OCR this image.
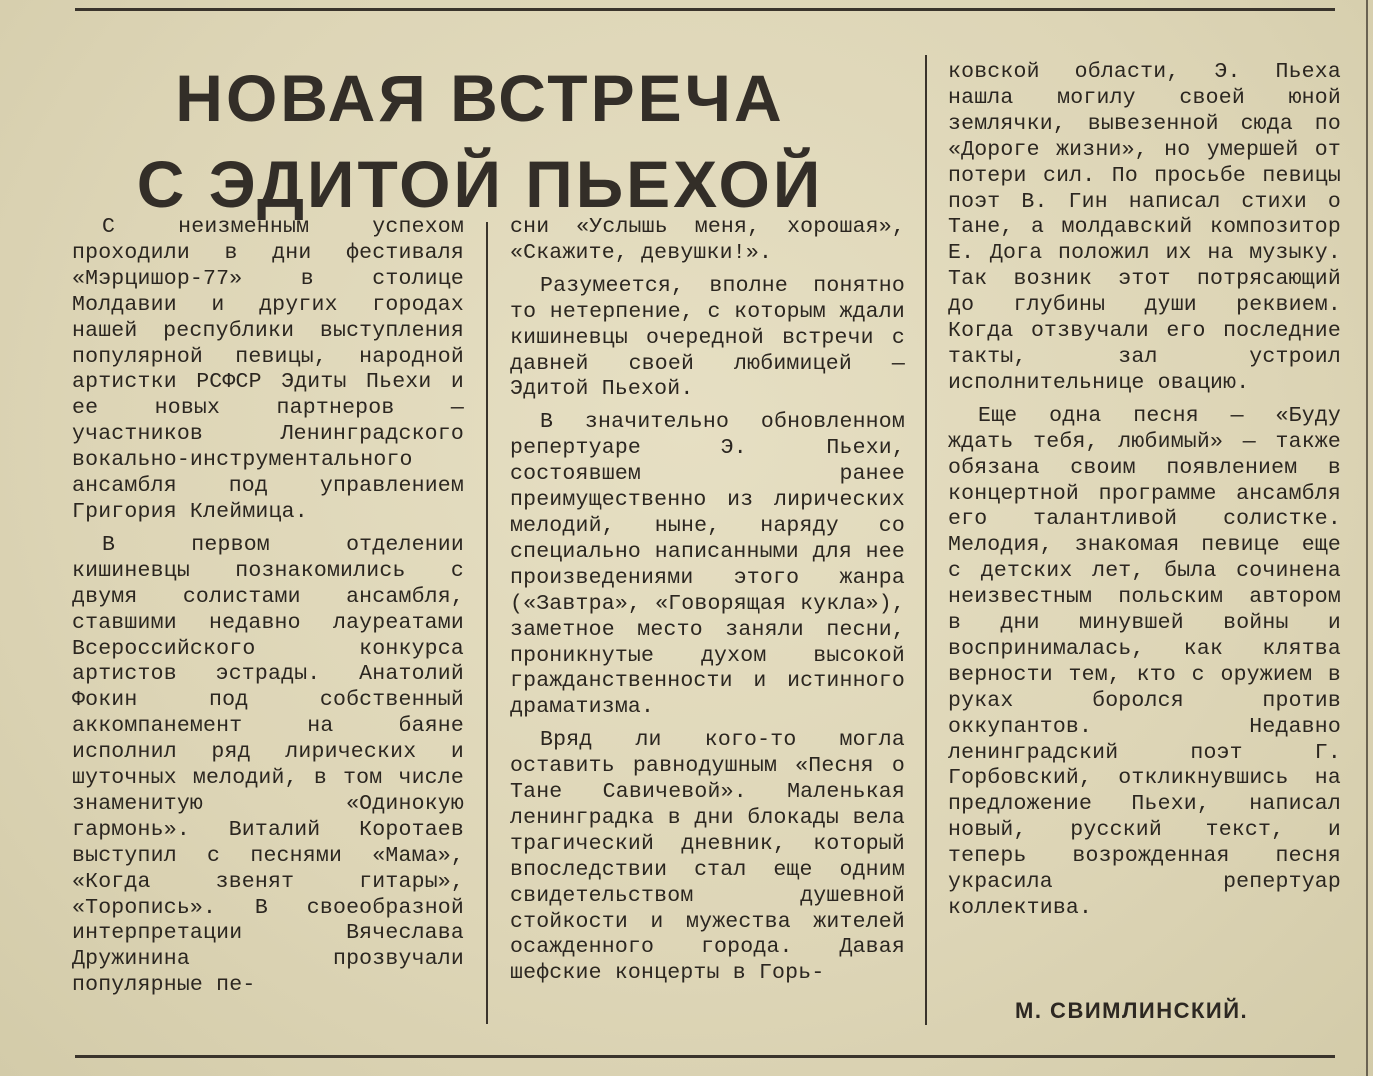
НОВАЯ ВСТРЕЧА
С ЭДИТОЙ ПЬЕХОЙ

С неизменным успехом проходили в дни фестиваля «Мэрцишор-77» в столице Молдавии и других городах нашей республики выступления популярной певицы, народной артистки РСФСР Эдиты Пьехи и ее новых партнеров — участников Ленинградского вокально-инструментального ансамбля под управлением Григория Клеймица.

В первом отделении кишиневцы познакомились с двумя солистами ансамбля, ставшими недавно лауреатами Всероссийского конкурса артистов эстрады. Анатолий Фокин под собственный аккомпанемент на баяне исполнил ряд лирических и шуточных мелодий, в том числе знаменитую «Одинокую гармонь». Виталий Коротаев выступил с песнями «Мама», «Когда звенят гитары», «Торопись». В своеобразной интерпретации Вячеслава Дружинина прозвучали популярные пе-

сни «Услышь меня, хорошая», «Скажите, девушки!».

Разумеется, вполне понятно то нетерпение, с которым ждали кишиневцы очередной встречи с давней своей любимицей — Эдитой Пьехой.

В значительно обновленном репертуаре Э. Пьехи, состоявшем ранее преимущественно из лирических мелодий, ныне, наряду со специально написанными для нее произведениями этого жанра («Завтра», «Говорящая кукла»), заметное место заняли песни, проникнутые духом высокой гражданственности и истинного драматизма.

Вряд ли кого-то могла оставить равнодушным «Песня о Тане Савичевой». Маленькая ленинградка в дни блокады вела трагический дневник, который впоследствии стал еще одним свидетельством душевной стойкости и мужества жителей осажденного города. Давая шефские концерты в Горь-

ковской области, Э. Пьеха нашла могилу своей юной землячки, вывезенной сюда по «Дороге жизни», но умершей от потери сил. По просьбе певицы поэт В. Гин написал стихи о Тане, а молдавский композитор Е. Дога положил их на музыку. Так возник этот потрясающий до глубины души реквием. Когда отзвучали его последние такты, зал устроил исполнительнице овацию.

Еще одна песня — «Буду ждать тебя, любимый» — также обязана своим появлением в концертной программе ансамбля его талантливой солистке. Мелодия, знакомая певице еще с детских лет, была сочинена неизвестным польским автором в дни минувшей войны и воспринималась, как клятва верности тем, кто с оружием в руках боролся против оккупантов. Недавно ленинградский поэт Г. Горбовский, откликнувшись на предложение Пьехи, написал новый, русский текст, и теперь возрожденная песня украсила репертуар коллектива.

М. СВИМЛИНСКИЙ.
